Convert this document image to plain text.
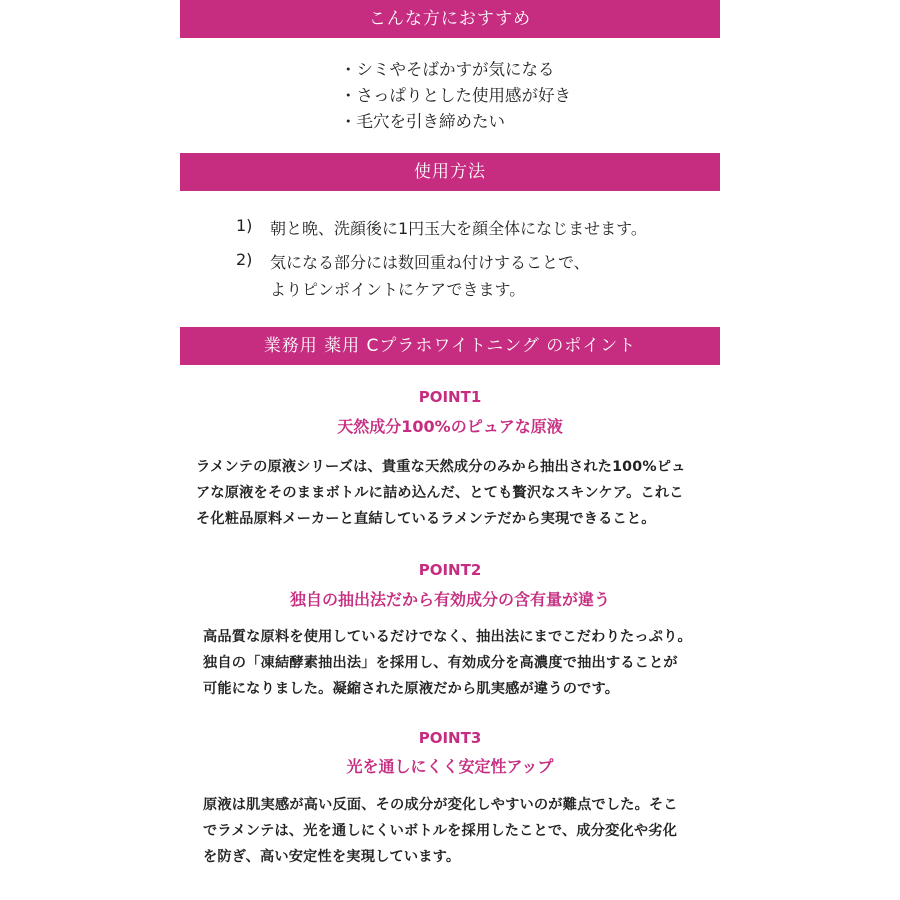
こんな方におすすめ
・シミやそばかすが気になる
・さっぱりとした使用感が好き
・毛穴を引き締めたい
使用方法
1) 朝と晩、洗顔後に1円玉大を顔全体になじませます。
2) 気になる部分には数回重ね付けすることで、
よりピンポイントにケアできます。
業務用 薬用 Cプラホワイトニング のポイント
POINT1
天然成分100%のピュアな原液
ラメンテの原液シリーズは、貴重な天然成分のみから抽出された100%ピュ
アな原液をそのままボトルに詰め込んだ、とても贅沢なスキンケア。これこ
そ化粧品原料メーカーと直結しているラメンテだから実現できること。
POINT2
独自の抽出法だから有効成分の含有量が違う
高品質な原料を使用しているだけでなく、抽出法にまでこだわりたっぷり。
独自の「凍結酵素抽出法」を採用し、有効成分を高濃度で抽出することが
可能になりました。凝縮された原液だから肌実感が違うのです。
POINT3
光を通しにくく安定性アップ
原液は肌実感が高い反面、その成分が変化しやすいのが難点でした。そこ
でラメンテは、光を通しにくいボトルを採用したことで、成分変化や劣化
を防ぎ、高い安定性を実現しています。
